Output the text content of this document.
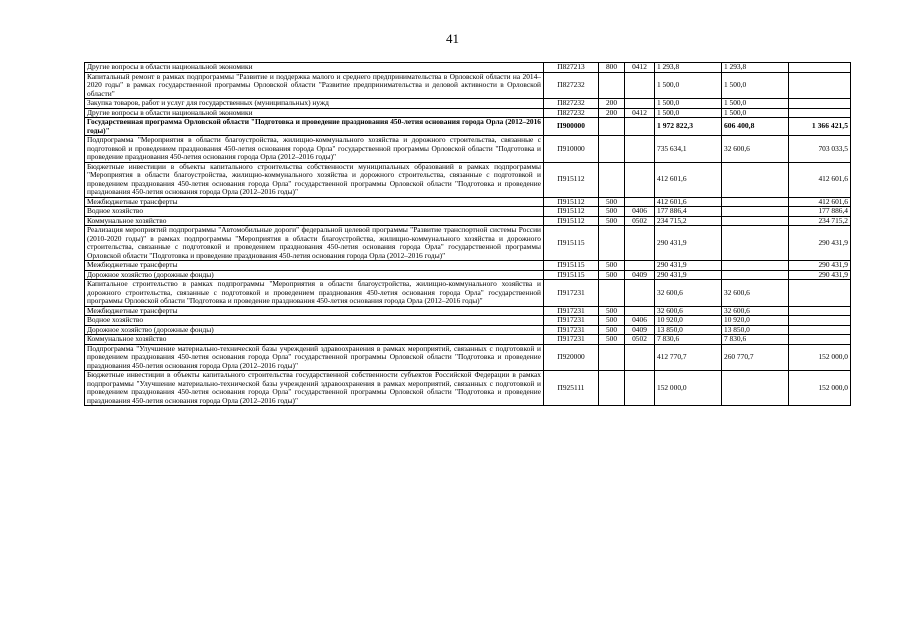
41
Другие вопросы в области национальной экономики	П827213	800	0412	1 293,8	1 293,8	
Капитальный ремонт в рамках подпрограммы "Развитие и поддержка малого и среднего предпринимательства в Орловской области на 2014–2020 годы" в рамках государственной программы Орловской области "Развитие предпринимательства и деловой активности в Орловской области"	П827232			1 500,0	1 500,0	
Закупка товаров, работ и услуг для государственных (муниципальных) нужд	П827232	200		1 500,0	1 500,0	
Другие вопросы в области национальной экономики	П827232	200	0412	1 500,0	1 500,0	
Государственная программа Орловской области "Подготовка и проведение празднования 450-летия основания города Орла (2012–2016 годы)"	П900000			1 972 822,3	606 400,8	1 366 421,5
Подпрограмма "Мероприятия в области благоустройства, жилищно-коммунального хозяйства и дорожного строительства, связанные с подготовкой и проведением празднования 450-летия основания города Орла" государственной программы Орловской области "Подготовка и проведение празднования 450-летия основания города Орла (2012–2016 годы)"	П910000			735 634,1	32 600,6	703 033,5
Бюджетные инвестиции в объекты капитального строительства собственности муниципальных образований в рамках подпрограммы "Мероприятия в области благоустройства, жилищно-коммунального хозяйства и дорожного строительства, связанные с подготовкой и проведением празднования 450-летия основания города Орла" государственной программы Орловской области "Подготовка и проведение празднования 450-летия основания города Орла (2012–2016 годы)"	П915112			412 601,6		412 601,6
Межбюджетные трансферты	П915112	500		412 601,6		412 601,6
Водное хозяйство	П915112	500	0406	177 886,4		177 886,4
Коммунальное хозяйство	П915112	500	0502	234 715,2		234 715,2
Реализация мероприятий подпрограммы "Автомобильные дороги" федеральной целевой программы "Развитие транспортной системы России (2010-2020 годы)" в рамках подпрограммы "Мероприятия в области благоустройства, жилищно-коммунального хозяйства и дорожного строительства, связанные с подготовкой и проведением празднования 450-летия основания города Орла" государственной программы Орловской области "Подготовка и проведение празднования 450-летия основания города Орла (2012–2016 годы)"	П915115			290 431,9		290 431,9
Межбюджетные трансферты	П915115	500		290 431,9		290 431,9
Дорожное хозяйство (дорожные фонды)	П915115	500	0409	290 431,9		290 431,9
Капитальное строительство в рамках подпрограммы "Мероприятия в области благоустройства, жилищно-коммунального хозяйства и дорожного строительства, связанные с подготовкой и проведением празднования 450-летия основания города Орла" государственной программы Орловской области "Подготовка и проведение празднования 450-летия основания города Орла (2012–2016 годы)"	П917231			32 600,6	32 600,6	
Межбюджетные трансферты	П917231	500		32 600,6	32 600,6	
Водное хозяйство	П917231	500	0406	10 920,0	10 920,0	
Дорожное хозяйство (дорожные фонды)	П917231	500	0409	13 850,0	13 850,0	
Коммунальное хозяйство	П917231	500	0502	7 830,6	7 830,6	
Подпрограмма "Улучшение материально-технической базы учреждений здравоохранения в рамках мероприятий, связанных с подготовкой и проведением празднования 450-летия основания города Орла" государственной программы Орловской области "Подготовка и проведение празднования 450-летия основания города Орла (2012–2016 годы)"	П920000			412 770,7	260 770,7	152 000,0
Бюджетные инвестиции в объекты капитального строительства государственной собственности субъектов Российской Федерации в рамках подпрограммы "Улучшение материально-технической базы учреждений здравоохранения в рамках мероприятий, связанных с подготовкой и проведением празднования 450-летия основания города Орла" государственной программы Орловской области "Подготовка и проведение празднования 450-летия основания города Орла (2012–2016 годы)"	П925111			152 000,0		152 000,0
